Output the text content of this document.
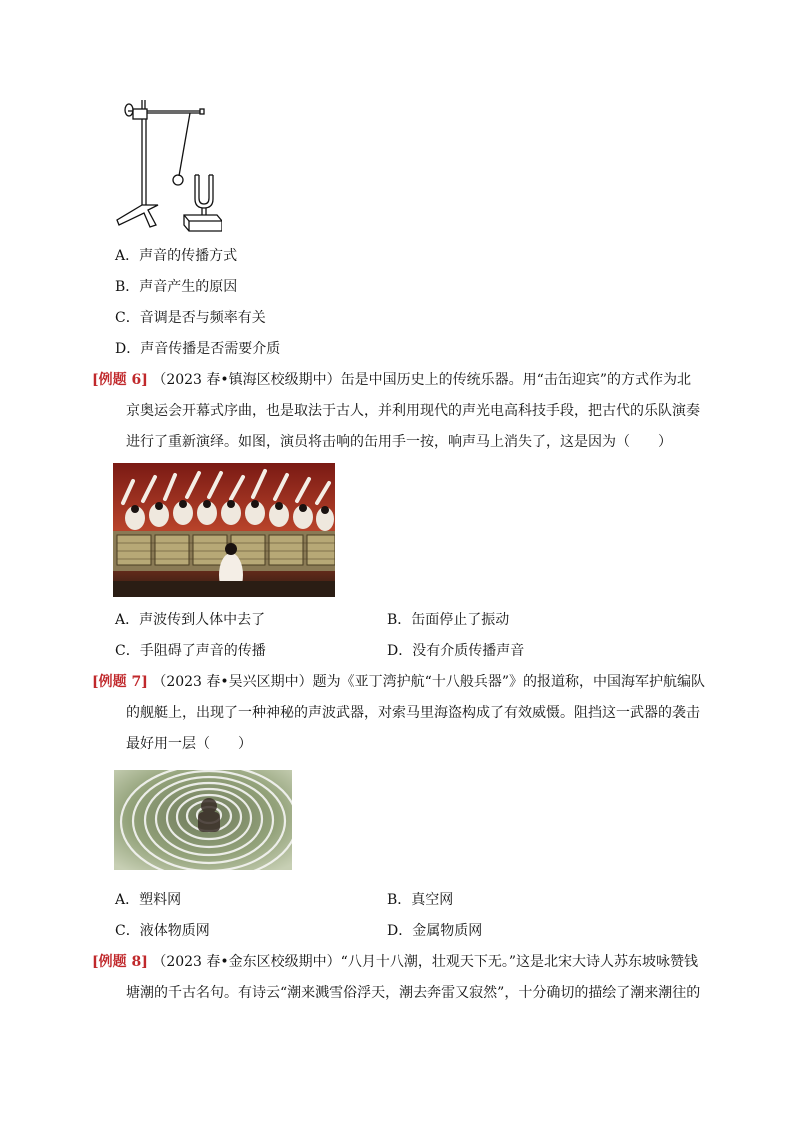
A．声音的传播方式
B．声音产生的原因
C．音调是否与频率有关
D．声音传播是否需要介质
[例题 6] （2023 春•镇海区校级期中）缶是中国历史上的传统乐器。用“击缶迎宾”的方式作为北
京奥运会开幕式序曲，也是取法于古人，并利用现代的声光电高科技手段，把古代的乐队演奏
进行了重新演绎。如图，演员将击响的缶用手一按，响声马上消失了，这是因为（　　）
A．声波传到人体中去了	B．缶面停止了振动
C．手阻碍了声音的传播	D．没有介质传播声音
[例题 7] （2023 春•吴兴区期中）题为《亚丁湾护航“十八般兵器”》的报道称，中国海军护航编队
的舰艇上，出现了一种神秘的声波武器，对索马里海盗构成了有效威慑。阻挡这一武器的袭击
最好用一层（　　）
A．塑料网	B．真空网
C．液体物质网	D．金属物质网
[例题 8] （2023 春•金东区校级期中）“八月十八潮，壮观天下无。”这是北宋大诗人苏东坡咏赞钱
塘潮的千古名句。有诗云“潮来溅雪俗浮天，潮去奔雷又寂然”，十分确切的描绘了潮来潮往的
